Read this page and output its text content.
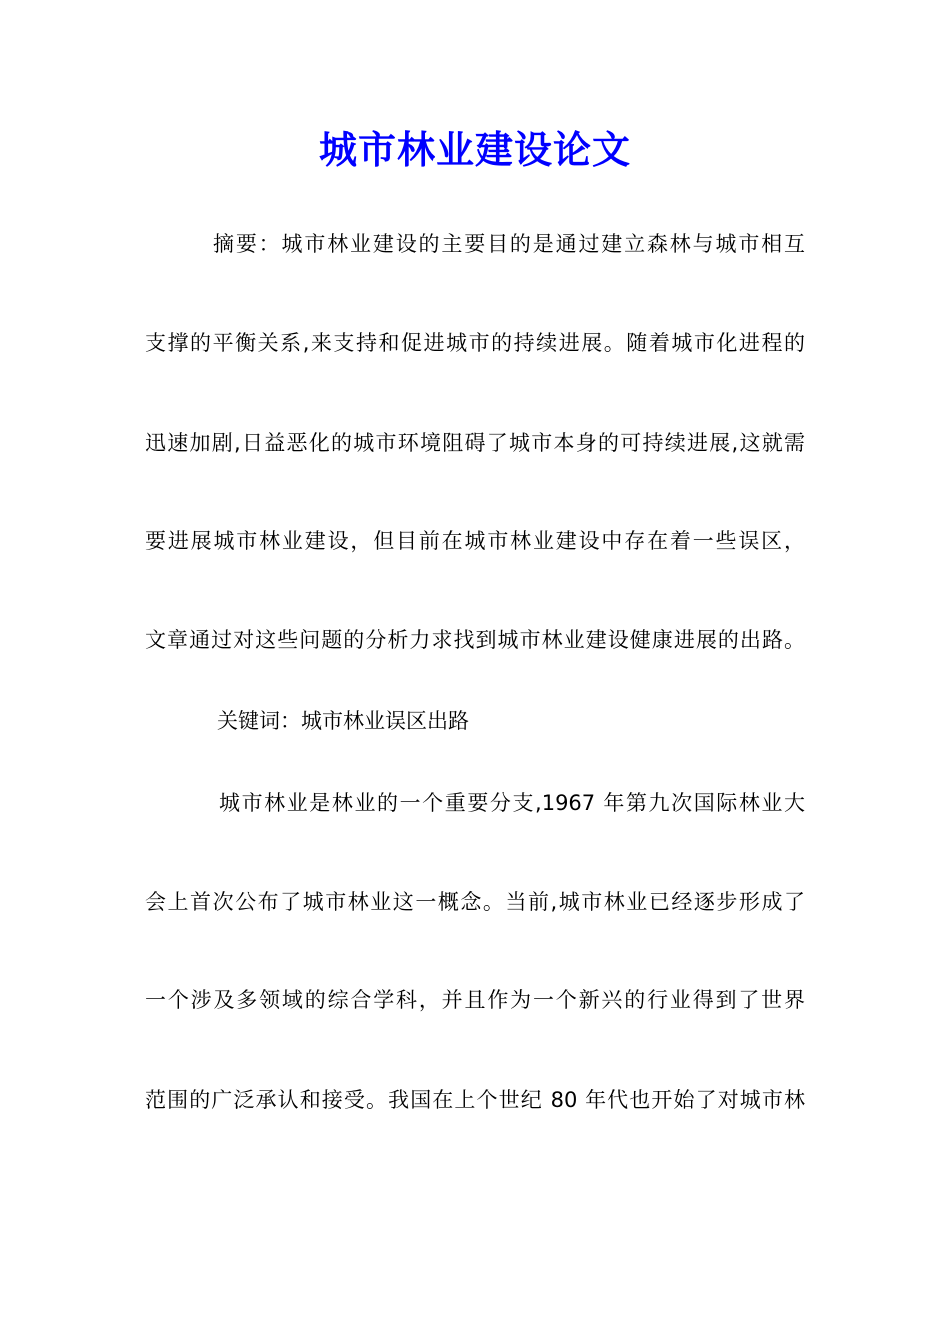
城市林业建设论文
摘要：城市林业建设的主要目的是通过建立森林与城市相互
支撑的平衡关系,来支持和促进城市的持续进展。随着城市化进程的
迅速加剧,日益恶化的城市环境阻碍了城市本身的可持续进展,这就需
要进展城市林业建设，但目前在城市林业建设中存在着一些误区，
文章通过对这些问题的分析力求找到城市林业建设健康进展的出路。
关键词：城市林业误区出路
城市林业是林业的一个重要分支,1967 年第九次国际林业大
会上首次公布了城市林业这一概念。当前,城市林业已经逐步形成了
一个涉及多领域的综合学科，并且作为一个新兴的行业得到了世界
范围的广泛承认和接受。我国在上个世纪 80 年代也开始了对城市林
